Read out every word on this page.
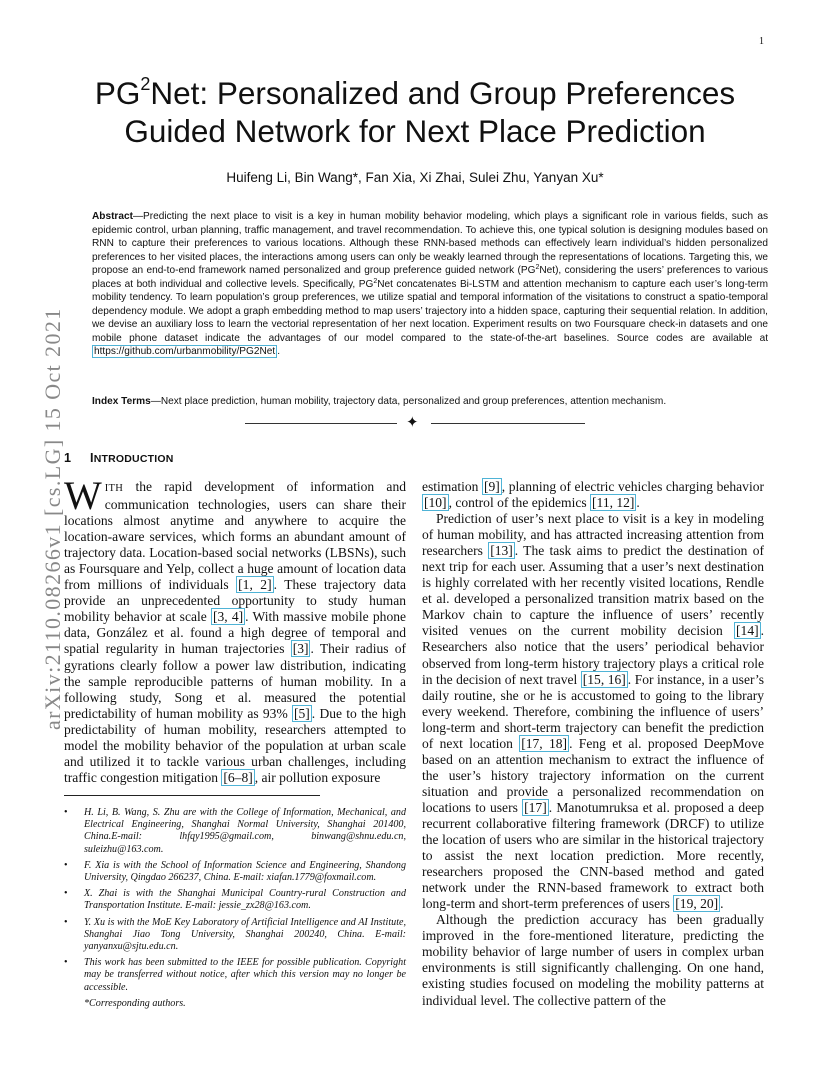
1
arXiv:2110.08266v1 [cs.LG] 15 Oct 2021
$PG^2Net$: Personalized and Group Preferences
Guided Network for Next Place Prediction
Huifeng Li, Bin Wang*, Fan Xia, Xi Zhai, Sulei Zhu, Yanyan Xu*
Abstract—Predicting the next place to visit is a key in human mobility behavior modeling, which plays a significant role in various fields, such as epidemic control, urban planning, traffic management, and travel recommendation. To achieve this, one typical solution is designing modules based on RNN to capture their preferences to various locations. Although these RNN-based methods can effectively learn individual’s hidden personalized preferences to her visited places, the interactions among users can only be weakly learned through the representations of locations. Targeting this, we propose an end-to-end framework named personalized and group preference guided network $(PG^2Net)$, considering the users’ preferences to various places at both individual and collective levels. Specifically, $PG^2Net$ concatenates Bi-LSTM and attention mechanism to capture each user’s long-term mobility tendency. To learn population’s group preferences, we utilize spatial and temporal information of the visitations to construct a spatio-temporal dependency module. We adopt a graph embedding method to map users’ trajectory into a hidden space, capturing their sequential relation. In addition, we devise an auxiliary loss to learn the vectorial representation of her next location. Experiment results on two Foursquare check-in datasets and one mobile phone dataset indicate the advantages of our model compared to the state-of-the-art baselines. Source codes are available at https://github.com/urbanmobility/PG2Net .
Index Terms—Next place prediction, human mobility, trajectory data, personalized and group preferences, attention mechanism.
✦
1 INTRODUCTION

WITH the rapid development of information and communication technologies, users can share their locations almost anytime and anywhere to acquire the location-aware services, which forms an abundant amount of trajectory data. Location-based social networks (LBSNs), such as Foursquare and Yelp, collect a huge amount of location data from millions of individuals [1, 2] . These trajectory data provide an unprecedented opportunity to study human mobility behavior at scale [3, 4] . With massive mobile phone data, González et al. found a high degree of temporal and spatial regularity in human trajectories [3] . Their radius of gyrations clearly follow a power law distribution, indicating the sample reproducible patterns of human mobility. In a following study, Song et al. measured the potential predictability of human mobility as 93% [5] . Due to the high predictability of human mobility, researchers attempted to model the mobility behavior of the population at urban scale and utilized it to tackle various urban challenges, including traffic congestion mitigation [6–8] , air pollution exposure

• H. Li, B. Wang, S. Zhu are with the College of Information, Mechanical, and Electrical Engineering, Shanghai Normal University, Shanghai 201400, China.E-mail: lhfqy1995@gmail.com, binwang@shnu.edu.cn, suleizhu@163.com.
• F. Xia is with the School of Information Science and Engineering, Shandong University, Qingdao 266237, China. E-mail: xiafan.1779@foxmail.com.
• X. Zhai is with the Shanghai Municipal Country-rural Construction and Transportation Institute. E-mail: jessie_zx28@163.com.
• Y. Xu is with the MoE Key Laboratory of Artificial Intelligence and AI Institute, Shanghai Jiao Tong University, Shanghai 200240, China. E-mail: yanyanxu@sjtu.edu.cn.
• This work has been submitted to the IEEE for possible publication. Copyright may be transferred without notice, after which this version may no longer be accessible.
*Corresponding authors.

estimation [9] , planning of electric vehicles charging behavior [10] , control of the epidemics [11, 12] .

Prediction of user’s next place to visit is a key in modeling of human mobility, and has attracted increasing attention from researchers [13] . The task aims to predict the destination of next trip for each user. Assuming that a user’s next destination is highly correlated with her recently visited locations, Rendle et al. developed a personalized transition matrix based on the Markov chain to capture the influence of users’ recently visited venues on the current mobility decision [14] . Researchers also notice that the users’ periodical behavior observed from long-term history trajectory plays a critical role in the decision of next travel [15, 16] . For instance, in a user’s daily routine, she or he is accustomed to going to the library every weekend. Therefore, combining the influence of users’ long-term and short-term trajectory can benefit the prediction of next location [17, 18] . Feng et al. proposed DeepMove based on an attention mechanism to extract the influence of the user’s history trajectory information on the current situation and provide a personalized recommendation on locations to users [17] . Manotumruksa et al. proposed a deep recurrent collaborative filtering framework (DRCF) to utilize the location of users who are similar in the historical trajectory to assist the next location prediction. More recently, researchers proposed the CNN-based method and gated network under the RNN-based framework to extract both long-term and short-term preferences of users [19, 20] .

Although the prediction accuracy has been gradually improved in the fore-mentioned literature, predicting the mobility behavior of large number of users in complex urban environments is still significantly challenging. On one hand, existing studies focused on modeling the mobility patterns at individual level. The collective pattern of the
